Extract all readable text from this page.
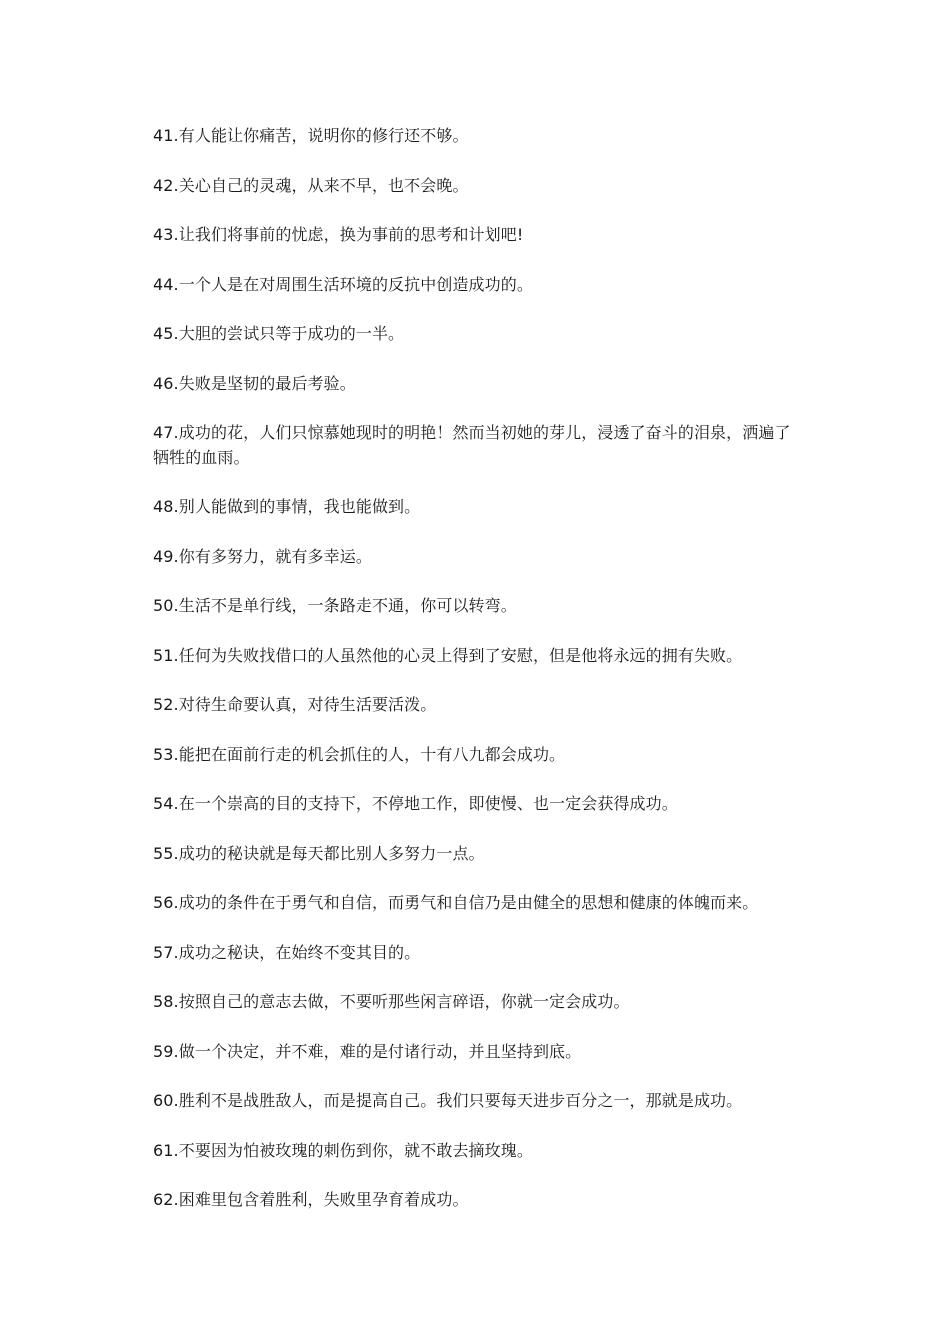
41.有人能让你痛苦，说明你的修行还不够。

42.关心自己的灵魂，从来不早，也不会晚。

43.让我们将事前的忧虑，换为事前的思考和计划吧!

44.一个人是在对周围生活环境的反抗中创造成功的。

45.大胆的尝试只等于成功的一半。

46.失败是坚韧的最后考验。

47.成功的花，人们只惊慕她现时的明艳！然而当初她的芽儿，浸透了奋斗的泪泉，洒遍了牺牲的血雨。

48.别人能做到的事情，我也能做到。

49.你有多努力，就有多幸运。

50.生活不是单行线，一条路走不通，你可以转弯。

51.任何为失败找借口的人虽然他的心灵上得到了安慰，但是他将永远的拥有失败。

52.对待生命要认真，对待生活要活泼。

53.能把在面前行走的机会抓住的人，十有八九都会成功。

54.在一个崇高的目的支持下，不停地工作，即使慢、也一定会获得成功。

55.成功的秘诀就是每天都比别人多努力一点。

56.成功的条件在于勇气和自信，而勇气和自信乃是由健全的思想和健康的体魄而来。

57.成功之秘诀，在始终不变其目的。

58.按照自己的意志去做，不要听那些闲言碎语，你就一定会成功。

59.做一个决定，并不难，难的是付诸行动，并且坚持到底。

60.胜利不是战胜敌人，而是提高自己。我们只要每天进步百分之一，那就是成功。

61.不要因为怕被玫瑰的刺伤到你，就不敢去摘玫瑰。

62.困难里包含着胜利，失败里孕育着成功。
